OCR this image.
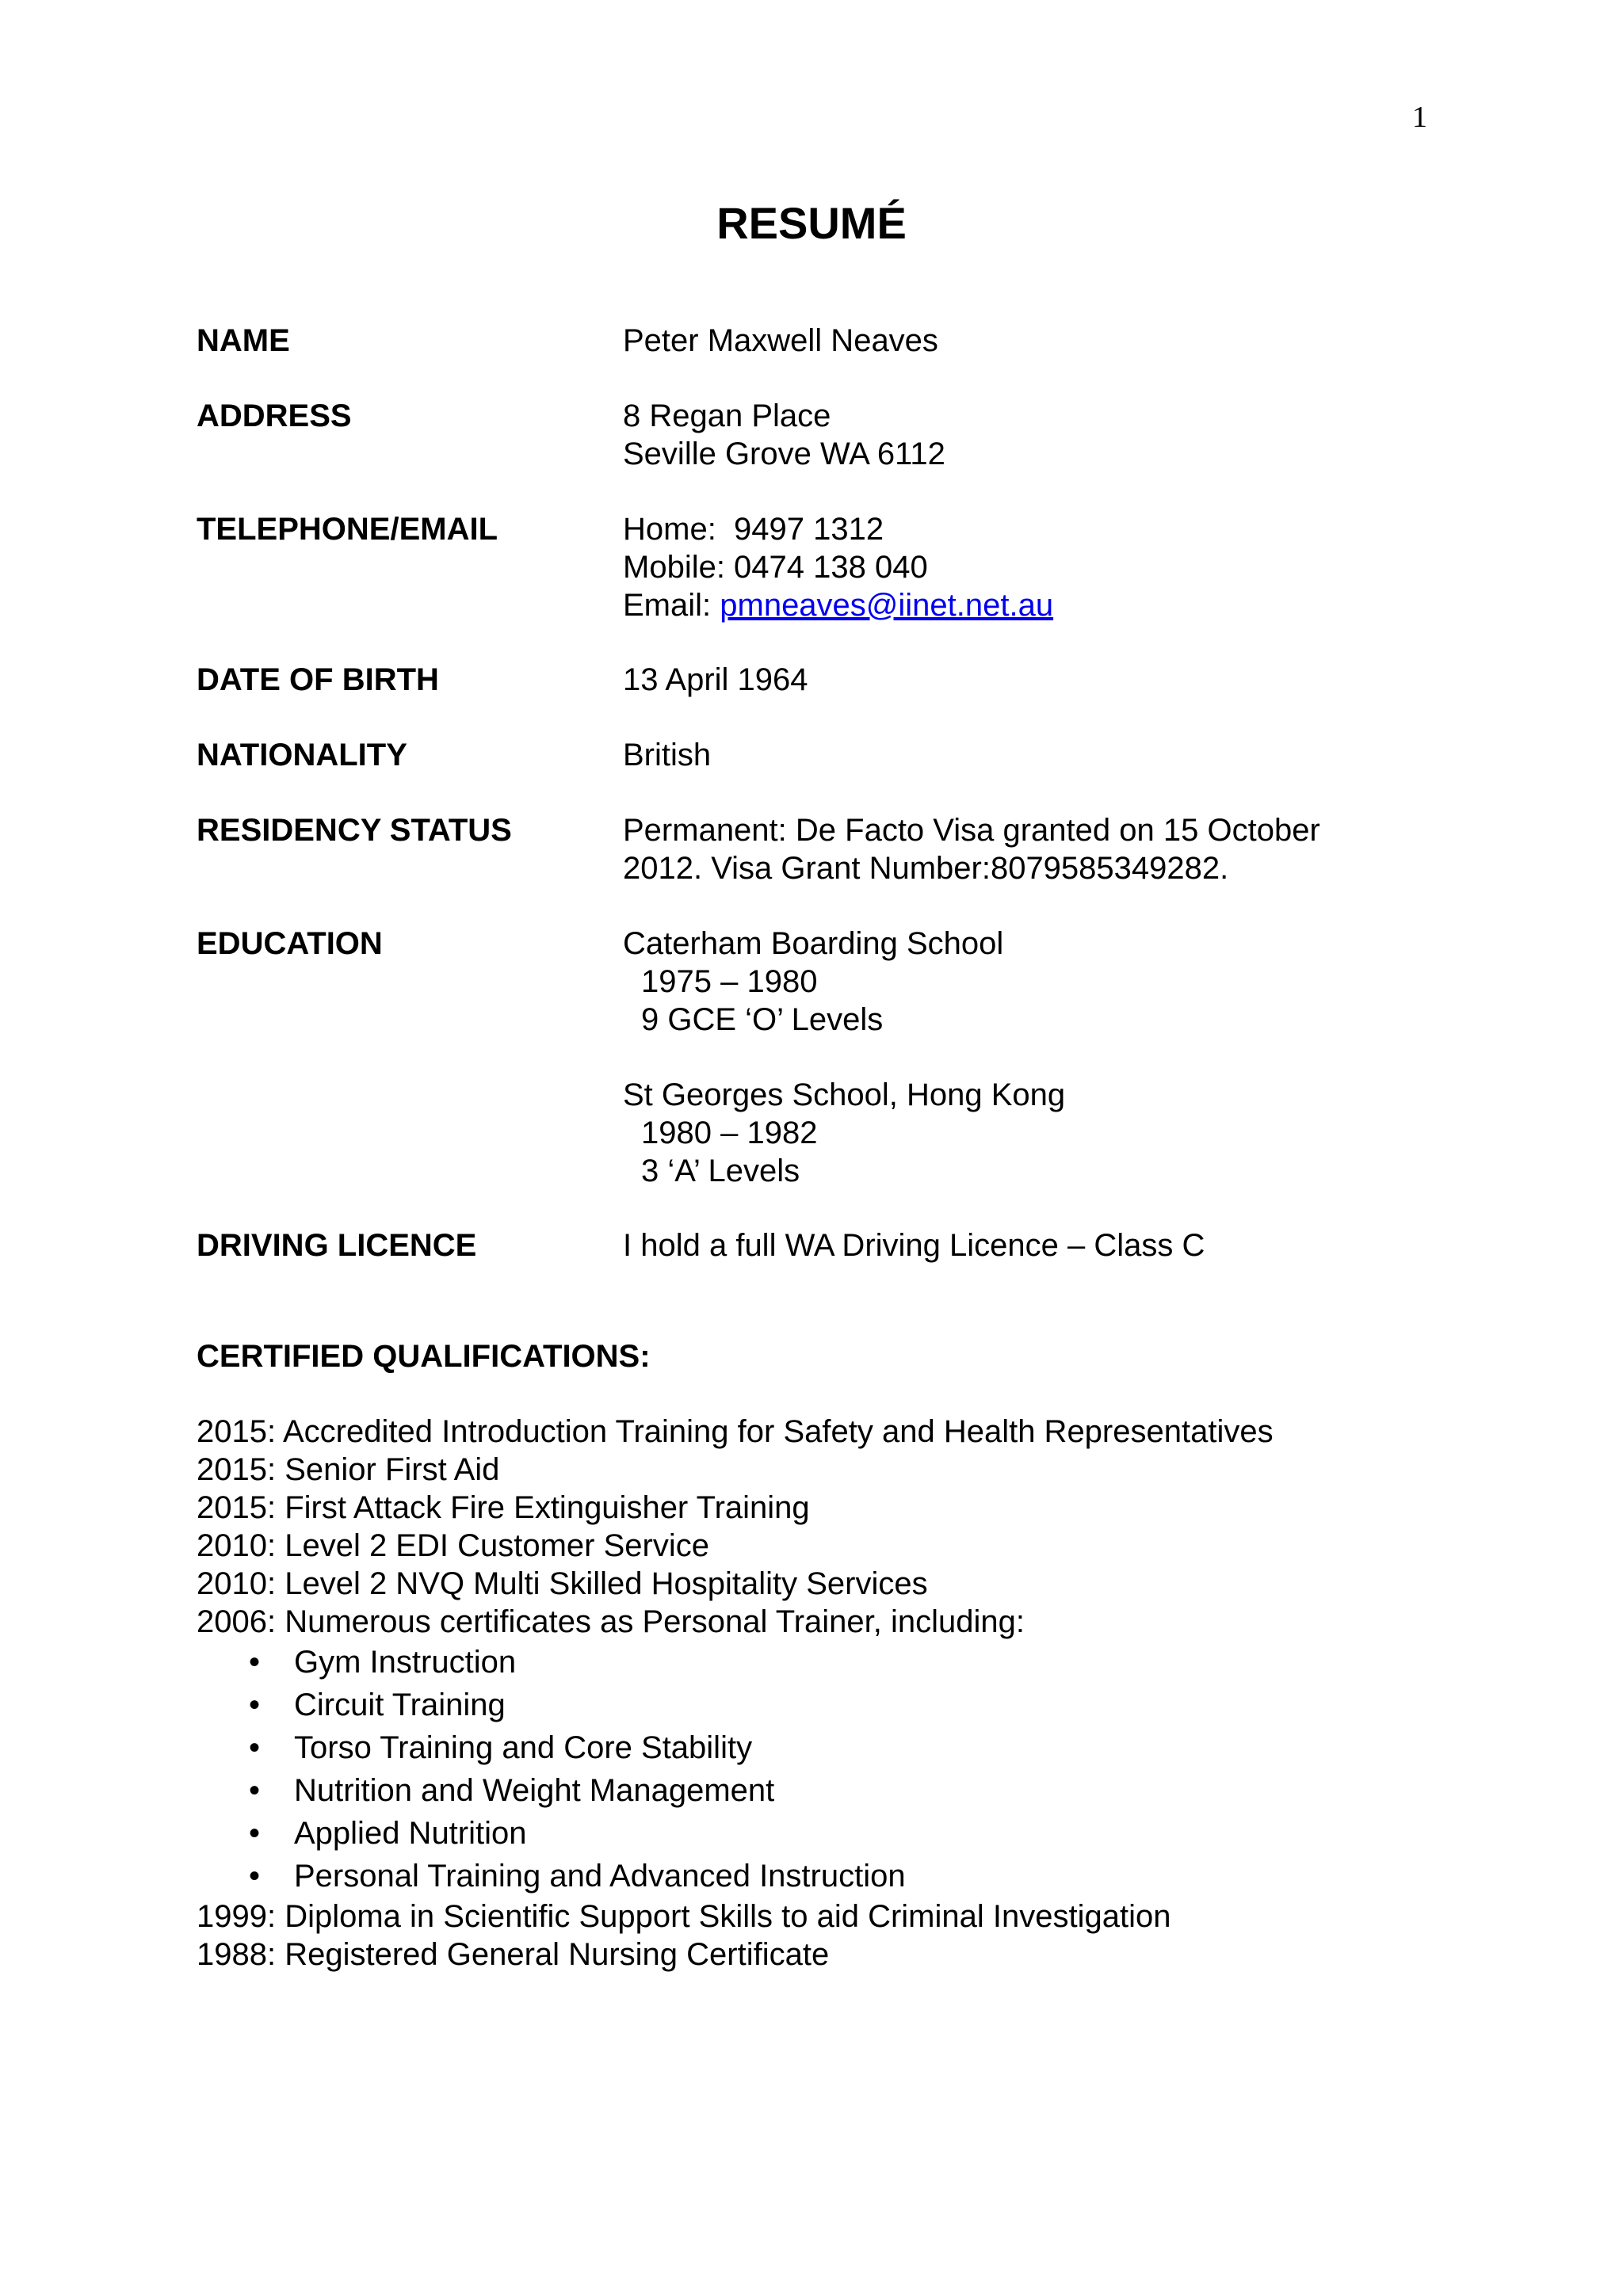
1
RESUMÉ
NAME	Peter Maxwell Neaves
ADDRESS	8 Regan Place
Seville Grove WA 6112
TELEPHONE/EMAIL	Home:  9497 1312
Mobile: 0474 138 040
Email: pmneaves@iinet.net.au
DATE OF BIRTH	13 April 1964
NATIONALITY	British
RESIDENCY STATUS	Permanent: De Facto Visa granted on 15 October
2012. Visa Grant Number:8079585349282.
EDUCATION	Caterham Boarding School
1975 – 1980
9 GCE ‘O’ Levels
St Georges School, Hong Kong
1980 – 1982
3 ‘A’ Levels
DRIVING LICENCE	I hold a full WA Driving Licence – Class C
CERTIFIED QUALIFICATIONS:
2015: Accredited Introduction Training for Safety and Health Representatives
2015: Senior First Aid
2015: First Attack Fire Extinguisher Training
2010: Level 2 EDI Customer Service
2010: Level 2 NVQ Multi Skilled Hospitality Services
2006: Numerous certificates as Personal Trainer, including:
• Gym Instruction
• Circuit Training
• Torso Training and Core Stability
• Nutrition and Weight Management
• Applied Nutrition
• Personal Training and Advanced Instruction
1999: Diploma in Scientific Support Skills to aid Criminal Investigation
1988: Registered General Nursing Certificate
